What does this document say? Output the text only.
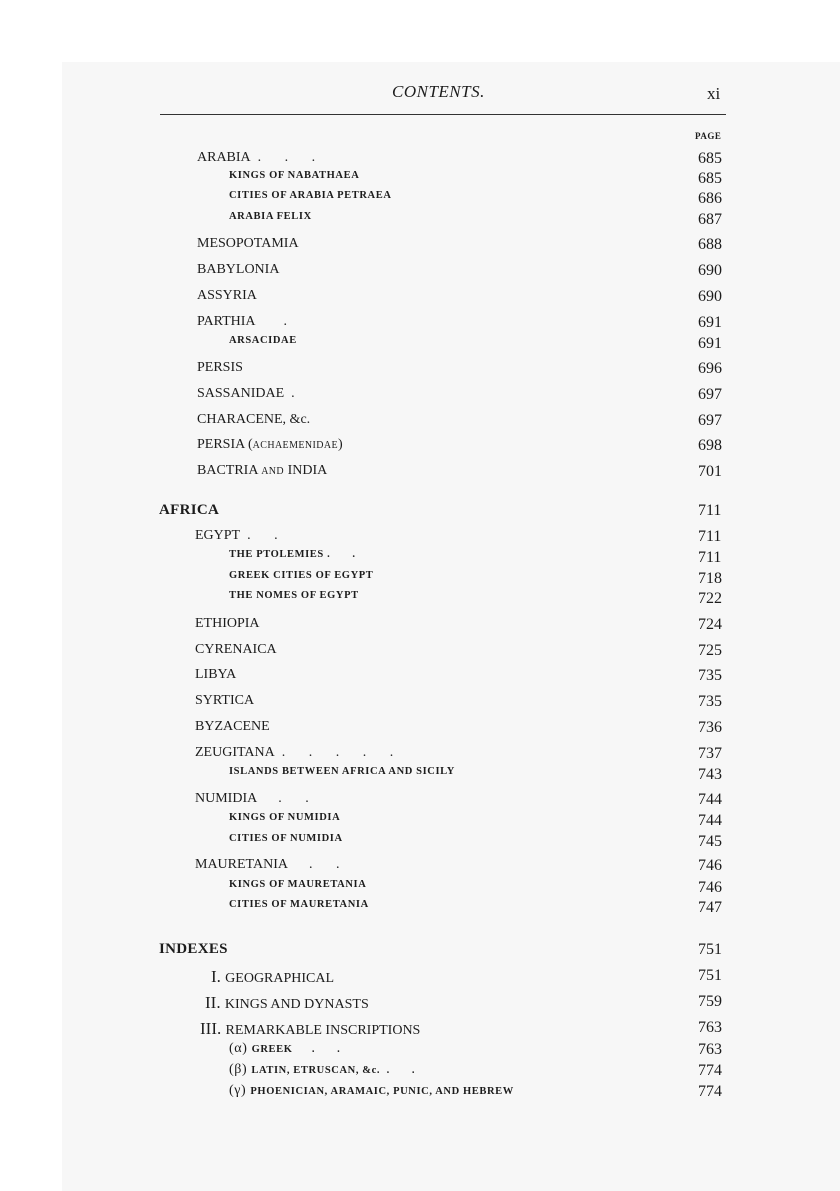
CONTENTS.	xi
PAGE
ARABIA . . .	685
KINGS OF NABATHAEA	685
CITIES OF ARABIA PETRAEA	686
ARABIA FELIX	687
MESOPOTAMIA	688
BABYLONIA	690
ASSYRIA	690
PARTHIA .	691
ARSACIDAE	691
PERSIS	696
SASSANIDAE .	697
CHARACENE, &c.	697
PERSIA (ACHAEMENIDAE)	698
BACTRIA AND INDIA	701
AFRICA	711
EGYPT . .	711
THE PTOLEMIES . .	711
GREEK CITIES OF EGYPT	718
THE NOMES OF EGYPT	722
ETHIOPIA	724
CYRENAICA	725
LIBYA	735
SYRTICA	735
BYZACENE	736
ZEUGITANA . . . . .	737
ISLANDS BETWEEN AFRICA AND SICILY	743
NUMIDIA . .	744
KINGS OF NUMIDIA	744
CITIES OF NUMIDIA	745
MAURETANIA . .	746
KINGS OF MAURETANIA	746
CITIES OF MAURETANIA	747
INDEXES	751
I. GEOGRAPHICAL	751
II. KINGS AND DYNASTS	759
III. REMARKABLE INSCRIPTIONS	763
(α) GREEK . .	763
(β) LATIN, ETRUSCAN, &c. . .	774
(γ) PHOENICIAN, ARAMAIC, PUNIC, AND HEBREW	774
